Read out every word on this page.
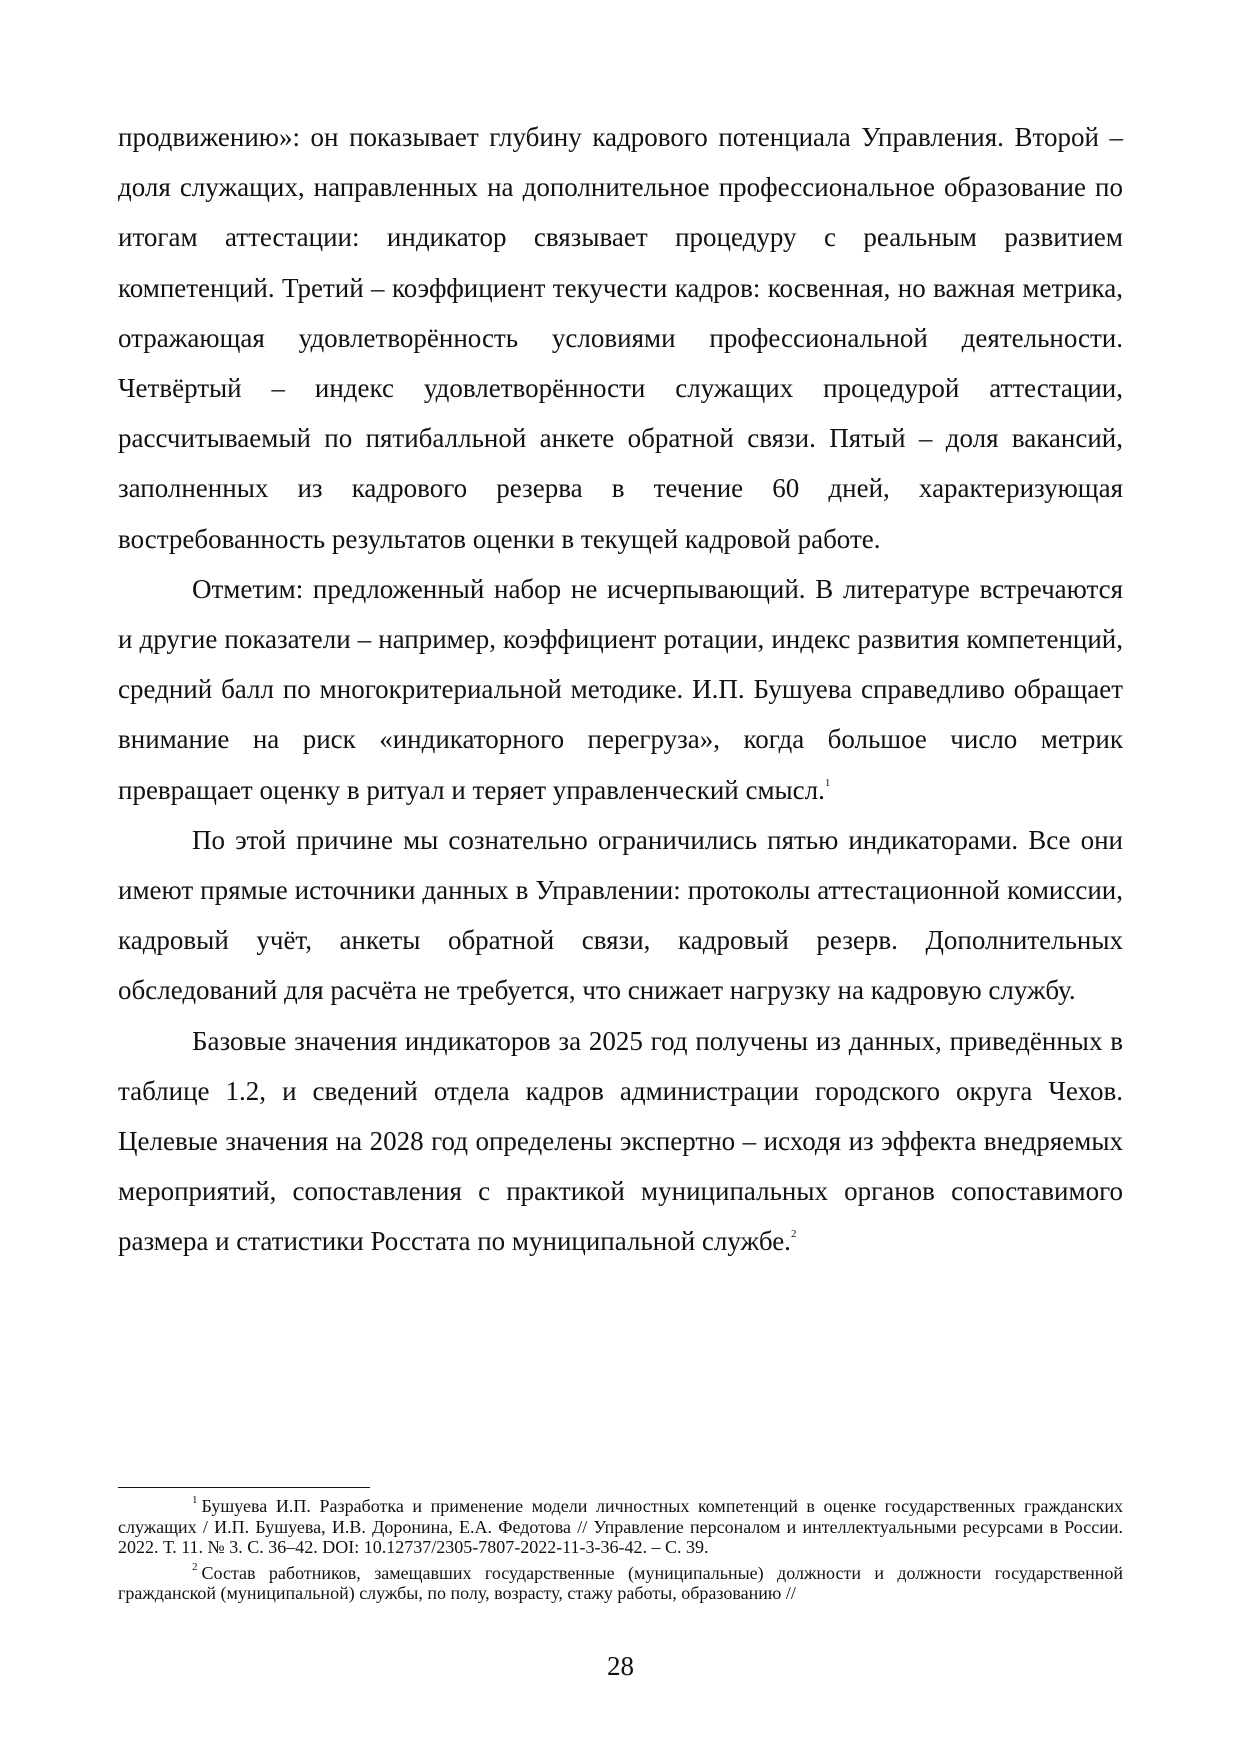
продвижению»: он показывает глубину кадрового потенциала Управления. Второй – доля служащих, направленных на дополнительное профессиональное образование по итогам аттестации: индикатор связывает процедуру с реальным развитием компетенций. Третий – коэффициент текучести кадров: косвенная, но важная метрика, отражающая удовлетворённость условиями профессиональной деятельности. Четвёртый – индекс удовлетворённости служащих процедурой аттестации, рассчитываемый по пятибалльной анкете обратной связи. Пятый – доля вакансий, заполненных из кадрового резерва в течение 60 дней, характеризующая востребованность результатов оценки в текущей кадровой работе.

Отметим: предложенный набор не исчерпывающий. В литературе встречаются и другие показатели – например, коэффициент ротации, индекс развития компетенций, средний балл по многокритериальной методике. И.П. Бушуева справедливо обращает внимание на риск «индикаторного перегруза», когда большое число метрик превращает оценку в ритуал и теряет управленческий смысл.$^1$

По этой причине мы сознательно ограничились пятью индикаторами. Все они имеют прямые источники данных в Управлении: протоколы аттестационной комиссии, кадровый учёт, анкеты обратной связи, кадровый резерв. Дополнительных обследований для расчёта не требуется, что снижает нагрузку на кадровую службу.

Базовые значения индикаторов за 2025 год получены из данных, приведённых в таблице 1.2, и сведений отдела кадров администрации городского округа Чехов. Целевые значения на 2028 год определены экспертно – исходя из эффекта внедряемых мероприятий, сопоставления с практикой муниципальных органов сопоставимого размера и статистики Росстата по муниципальной службе.$^2$

$^1$ Бушуева И.П. Разработка и применение модели личностных компетенций в оценке государственных гражданских служащих / И.П. Бушуева, И.В. Доронина, Е.А. Федотова // Управление персоналом и интеллектуальными ресурсами в России. 2022. Т. 11. № 3. С. 36–42. DOI: 10.12737/2305-7807-2022-11-3-36-42. – С. 39.

$^2$ Состав работников, замещавших государственные (муниципальные) должности и должности государственной гражданской (муниципальной) службы, по полу, возрасту, стажу работы, образованию //

28
